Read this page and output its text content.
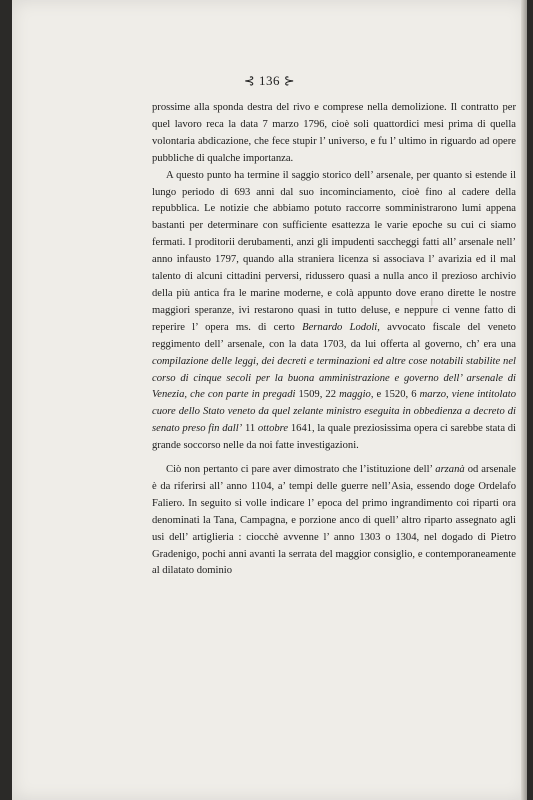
⊰ 136 ⊱
|

prossime alla sponda destra del rivo e comprese nella demolizione. Il contratto per quel lavoro reca la data 7 marzo 1796, cioè soli quattordici mesi prima di quella volontaria abdicazione, che fece stupir l’ universo, e fu l’ ultimo in riguardo ad opere pubbliche di qualche importanza.

A questo punto ha termine il saggio storico dell’ arsenale, per quanto si estende il lungo periodo di 693 anni dal suo incominciamento, cioè fino al cadere della repubblica. Le notizie che abbiamo potuto raccorre somministrarono lumi appena bastanti per determinare con sufficiente esattezza le varie epoche su cui ci siamo fermati. I proditorii derubamenti, anzi gli impudenti saccheggi fatti all’ arsenale nell’ anno infausto 1797, quando alla straniera licenza si associava l’ avarizia ed il mal talento di alcuni cittadini perversi, ridussero quasi a nulla anco il prezioso archivio della più antica fra le marine moderne, e colà appunto dove erano dirette le nostre maggiori speranze, ivi restarono quasi in tutto deluse, e neppure ci venne fatto di reperire l’ opera ms. di certo Bernardo Lodoli, avvocato fiscale del veneto reggimento dell’ arsenale, con la data 1703, da lui offerta al governo, ch’ era una compilazione delle leggi, dei decreti e terminazioni ed altre cose notabili stabilite nel corso di cinque secoli per la buona amministrazione e governo dell’ arsenale di Venezia, che con parte in pregadi 1509, 22 maggio, e 1520, 6 marzo, viene intitolato cuore dello Stato veneto da quel zelante ministro eseguita in obbedienza a decreto di senato preso fin dall’ 11 ottobre 1641, la quale preziosissima opera ci sarebbe stata di grande soccorso nelle da noi fatte investigazioni.

Ciò non pertanto ci pare aver dimostrato che l’istituzione dell’ arzanà od arsenale è da riferirsi all’ anno 1104, a’ tempi delle guerre nell’Asia, essendo doge Ordelafo Faliero. In seguito si volle indicare l’ epoca del primo ingrandimento coi riparti ora denominati la Tana, Campagna, e porzione anco di quell’ altro riparto assegnato agli usi dell’ artiglieria : ciocchè avvenne l’ anno 1303 o 1304, nel dogado di Pietro Gradenigo, pochi anni avanti la serrata del maggior consiglio, e contemporaneamente al dilatato dominio
